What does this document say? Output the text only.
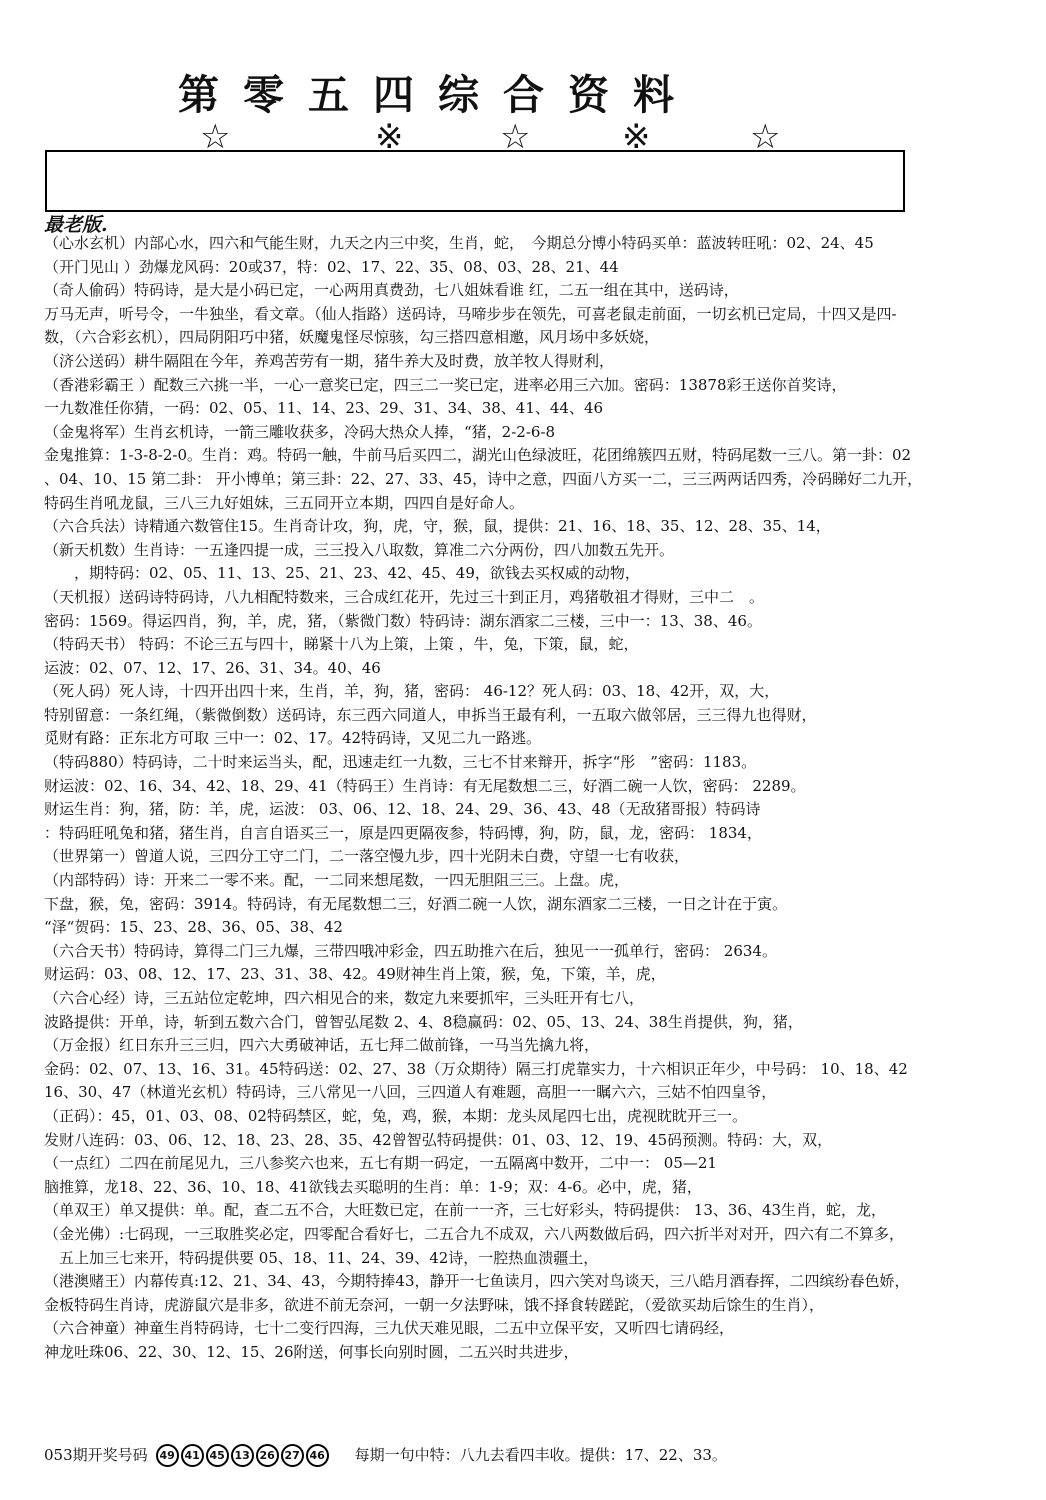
第零五四综合资料
☆	※	☆	※	☆
最老版.
（心水玄机）内部心水，四六和气能生财，九天之内三中奖，生肖，蛇，　今期总分博小特码买单：蓝波转旺吼：02、24、45
（开门见山 ）劲爆龙风码：20或37，特：02、17、22、35、08、03、28、21、44
（奇人偷码）特码诗，是大是小码已定，一心两用真费劲，七八姐妹看谁 红，二五一组在其中，送码诗，
万马无声，听号令，一牛独坐，看文章。（仙人指路）送码诗，马啼步步在领先，可喜老鼠走前面，一切玄机已定局，十四又是四-
数，（六合彩玄机），四局阴阳巧中猪，妖魔鬼怪尽惊骇，勾三搭四意相邀，风月场中多妖娆，
（济公送码）耕牛隔阻在今年，养鸡苦劳有一期，猪牛养大及时费，放羊牧人得财利，
（香港彩霸王 ）配数三六挑一半，一心一意奖已定，四三二一奖已定，进率必用三六加。密码：13878彩王送你首奖诗，
一九数准任你猜，一码：02、05、11、14、23、29、31、34、38、41、44、46
（金鬼将军）生肖玄机诗，一箭三雕收获多，冷码大热众人捧，“猪，2-2-6-8
金鬼推算：1-3-8-2-0。生肖：鸡。特码一触，牛前马后买四二，湖光山色绿波旺，花团绵簇四五财，特码尾数一三八。第一卦：02
、04、10、15 第二卦： 开小博单；第三卦：22、27、33、45，诗中之意，四面八方买一二，三三两两话四秀，冷码睇好二九开，
特码生肖吼龙鼠，三八三九好姐妹，三五同开立本期，四四自是好命人。
（六合兵法）诗精通六数管住15。生肖奇计攻，狗，虎，守，猴，鼠，提供：21、16、18、35、12、28、35、14，
（新天机数）生肖诗：一五逢四提一成，三三投入八取数，算准二六分两份，四八加数五先开。
　　，期特码：02、05、11、13、25、21、23、42、45、49，欲钱去买权威的动物，
（天机报）送码诗特码诗，八九相配特数来，三合成红花开，先过三十到正月，鸡猪敬祖才得财，三中二　。
密码：1569。得运四肖，狗，羊，虎，猪，（紫微门数）特码诗：湖东酒家二三楼，三中一：13、38、46。
（特码天书） 特码：不论三五与四十，睇紧十八为上策，上策 ，牛，兔，下策，鼠，蛇，
运波：02、07、12、17、26、31、34。40、46
（死人码）死人诗，十四开出四十来，生肖，羊，狗，猪，密码： 46-12？死人码：03、18、42开，双，大，
特别留意：一条红绳，（紫微倒数）送码诗，东三西六同道人，申拆当王最有利，一五取六做邻居，三三得九也得财，
觅财有路：正东北方可取 三中一：02、17。42特码诗，又见二九一路逃。
（特码880）特码诗，二十时来运当头，配，迅速走红一九数，三七不甘来辩开，拆字“彤　”密码：1183。
财运波：02、16、34、42、18、29、41（特码王）生肖诗：有无尾数想二三，好酒二碗一人饮，密码： 2289。
财运生肖：狗，猪，防：羊，虎，运波： 03、06、12、18、24、29、36、43、48（无敌猪哥报）特码诗
：特码旺吼兔和猪，猪生肖，自言自语买三一，原是四更隔夜参，特码博，狗，防，鼠，龙，密码： 1834，
（世界第一）曾道人说，三四分工守二门，二一落空慢九步，四十光阴未白费，守望一七有收获，
（内部特码）诗：开来二一零不来。配，一二同来想尾数，一四无胆阻三三。上盘。虎，
下盘，猴，兔，密码：3914。特码诗，有无尾数想二三，好酒二碗一人饮，湖东酒家二三楼，一日之计在于寅。
“泽“贺码：15、23、28、36、05、38、42
（六合天书）特码诗，算得二门三九爆，三带四哦冲彩金，四五助推六在后，独见一一孤单行，密码： 2634。
财运码：03、08、12、17、23、31、38、42。49财神生肖上策，猴，兔，下策，羊，虎，
（六合心经）诗，三五站位定乾坤，四六相见合的来，数定九来要抓牢，三头旺开有七八，
波路提供：开单，诗，斩到五数六合门，曾智弘尾数 2、4、8稳赢码：02、05、13、24、38生肖提供，狗，猪，
（万金报）红日东升三三归，四六大勇破神话，五七拜二做前锋，一马当先擒九将，
金码：02、07、13、16、31。45特码送：02、27、38（万众期待）隔三打虎靠实力，十六相识正年少，中号码： 10、18、42
16、30、47（林道光玄机）特码诗，三八常见一八回，三四道人有难题，高胆一一瞩六六，三姑不怕四皇爷，
（正码）：45，01、03、08、02特码禁区，蛇，兔，鸡，猴，本期：龙头凤尾四七出，虎视眈眈开三一。
发财八连码：03、06、12、18、23、28、35、42曾智弘特码提供：01、03、12、19、45码预测。特码：大，双，
（一点红）二四在前尾见九，三八参奖六也来，五七有期一码定，一五隔离中数开，二中一： 05—21
脑推算，龙18、22、36、10、18、41欲钱去买聪明的生肖：单：1-9；双：4-6。必中，虎，猪，
（单双王）单又提供：单。配，查二五不合，大旺数已定，在前一一齐，三七好彩头，特码提供： 13、36、43生肖，蛇，龙，
（金光佛）:七码现，一三取胜奖必定，四零配合看好七，二五合九不成双，六八两数做后码，四六折半对对开，四六有二不算多，
　五上加三七来开，特码提供要 05、18、11、24、39、42诗，一腔热血溃疆土，
（港澳赌王）内幕传真:12、21、34、43，今期特捧43，静开一七鱼读月，四六笑对鸟谈天，三八皓月酒春挥，二四缤纷春色娇，
金板特码生肖诗，虎游鼠穴是非多，欲进不前无奈河，一朝一夕法野味，饿不择食转蹉跎，（爱欲买劫后馀生的生肖），
（六合神童）神童生肖特码诗，七十二变行四海，三九伏天难见眼，二五中立保平安，又听四七请码经，
神龙吐珠06、22、30、12、15、26附送，何事长向别时圆，二五兴时共进步，
053期开奖号码	49 41 45 13 26 27 46 每期一句中特：八九去看四丰收。提供：17、22、33。
